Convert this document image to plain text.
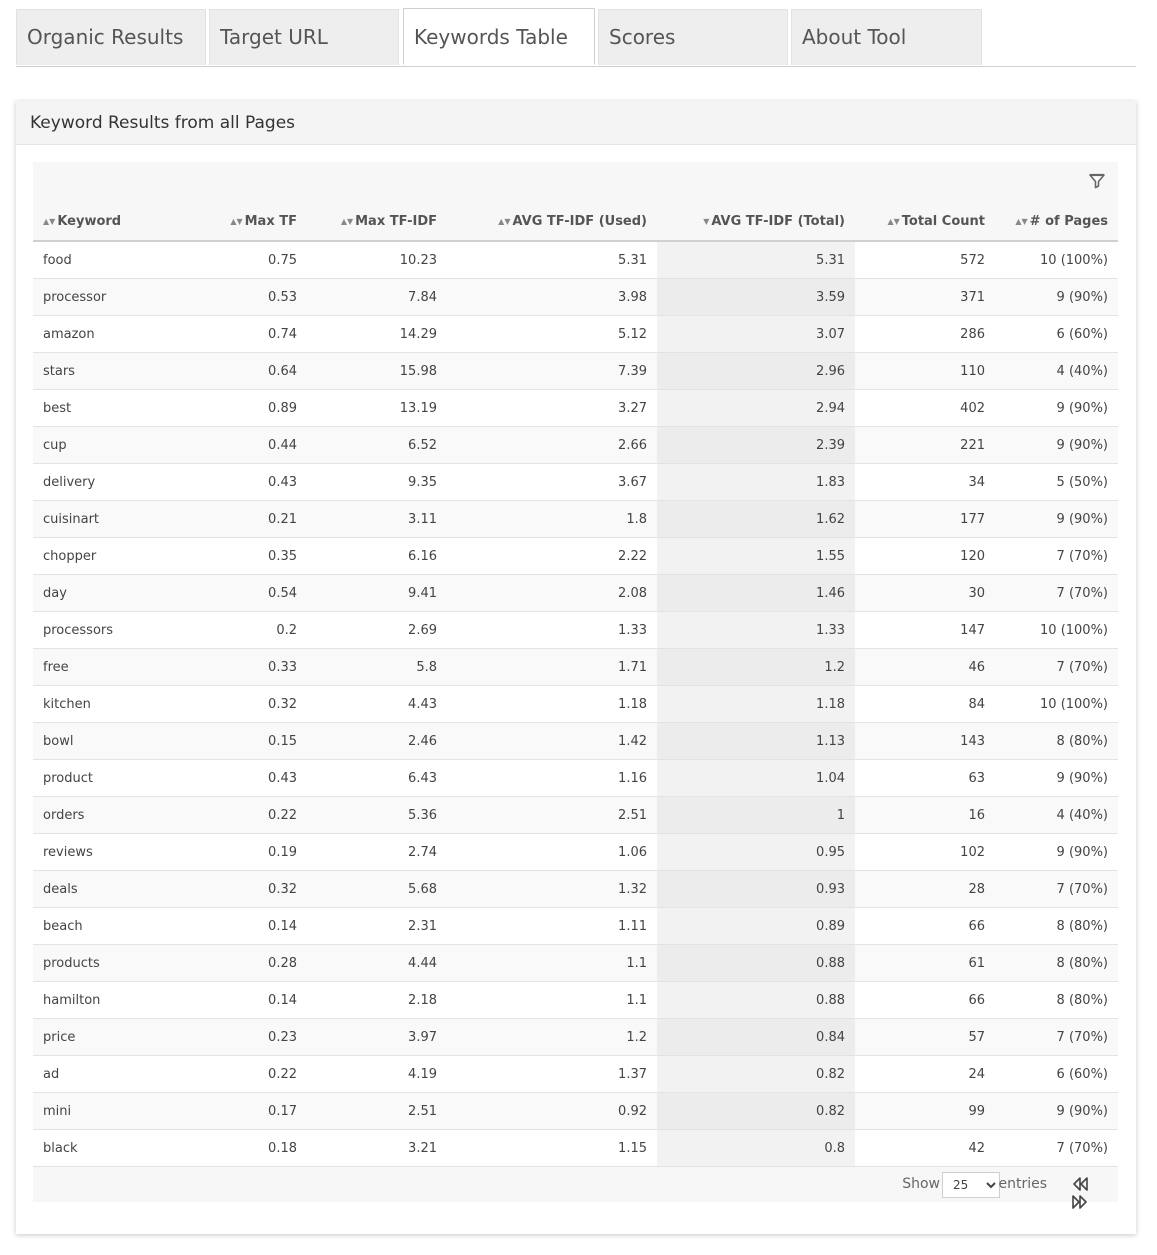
Organic Results	Target URL	Keywords Table	Scores	About Tool
Keyword Results from all Pages
▲▼ Keyword	▲▼ Max TF	▲▼ Max TF-IDF	▲▼ AVG TF-IDF (Used)	▼ AVG TF-IDF (Total)	▲▼ Total Count	▲▼ # of Pages
food	0.75	10.23	5.31	5.31	572	10 (100%)
processor	0.53	7.84	3.98	3.59	371	9 (90%)
amazon	0.74	14.29	5.12	3.07	286	6 (60%)
stars	0.64	15.98	7.39	2.96	110	4 (40%)
best	0.89	13.19	3.27	2.94	402	9 (90%)
cup	0.44	6.52	2.66	2.39	221	9 (90%)
delivery	0.43	9.35	3.67	1.83	34	5 (50%)
cuisinart	0.21	3.11	1.8	1.62	177	9 (90%)
chopper	0.35	6.16	2.22	1.55	120	7 (70%)
day	0.54	9.41	2.08	1.46	30	7 (70%)
processors	0.2	2.69	1.33	1.33	147	10 (100%)
free	0.33	5.8	1.71	1.2	46	7 (70%)
kitchen	0.32	4.43	1.18	1.18	84	10 (100%)
bowl	0.15	2.46	1.42	1.13	143	8 (80%)
product	0.43	6.43	1.16	1.04	63	9 (90%)
orders	0.22	5.36	2.51	1	16	4 (40%)
reviews	0.19	2.74	1.06	0.95	102	9 (90%)
deals	0.32	5.68	1.32	0.93	28	7 (70%)
beach	0.14	2.31	1.11	0.89	66	8 (80%)
products	0.28	4.44	1.1	0.88	61	8 (80%)
hamilton	0.14	2.18	1.1	0.88	66	8 (80%)
price	0.23	3.97	1.2	0.84	57	7 (70%)
ad	0.22	4.19	1.37	0.82	24	6 (60%)
mini	0.17	2.51	0.92	0.82	99	9 (90%)
black	0.18	3.21	1.15	0.8	42	7 (70%)
Show
25	entries
